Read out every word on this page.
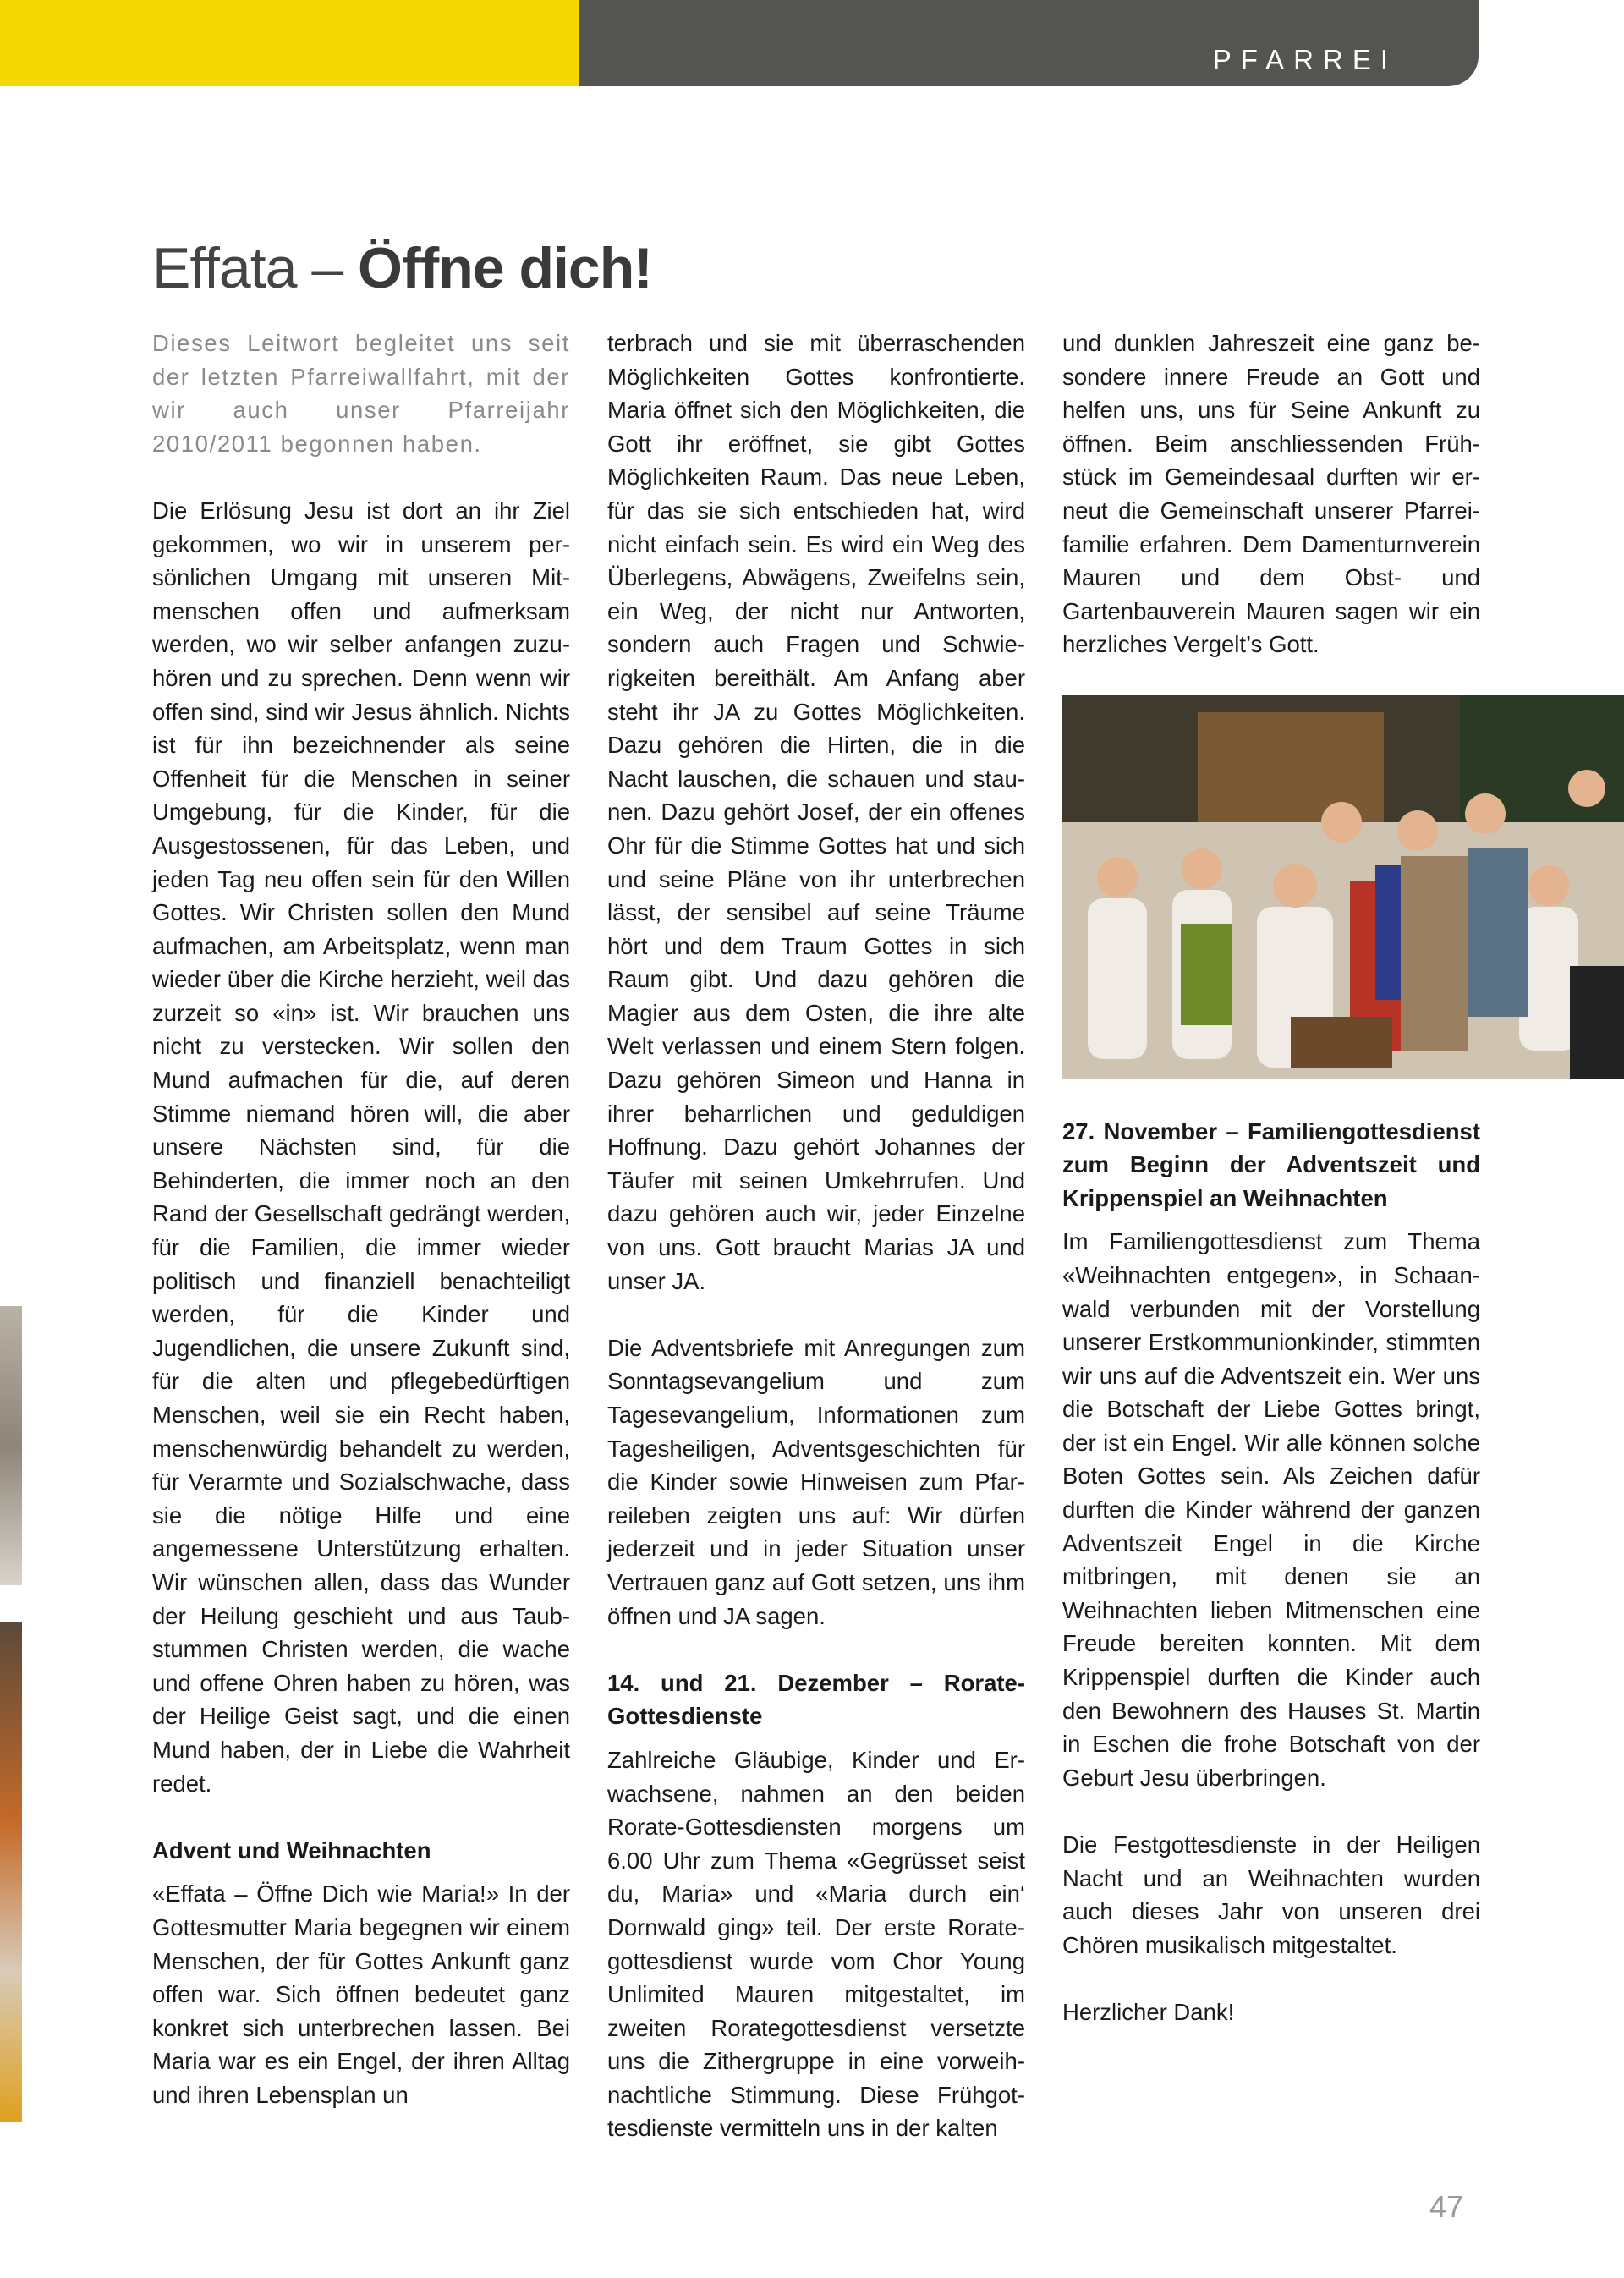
PFARREI
Effata – Öffne dich!

Dieses Leitwort begleitet uns seit der letzten Pfarreiwallfahrt, mit der wir auch unser Pfarreijahr 2010/2011 begonnen haben.

Die Erlösung Jesu ist dort an ihr Ziel gekommen, wo wir in unserem persönlichen Umgang mit unseren Mitmenschen offen und aufmerksam werden, wo wir selber anfangen zuzuhören und zu sprechen. Denn wenn wir offen sind, sind wir Jesus ähnlich. Nichts ist für ihn bezeichnender als seine Offenheit für die Menschen in seiner Umgebung, für die Kinder, für die Ausgestossenen, für das Leben, und jeden Tag neu offen sein für den Willen Gottes. Wir Christen sollen den Mund aufmachen, am Arbeitsplatz, wenn man wieder über die Kirche herzieht, weil das zurzeit so «in» ist. Wir brauchen uns nicht zu verstecken. Wir sollen den Mund aufmachen für die, auf deren Stimme niemand hören will, die aber unsere Nächsten sind, für die Behinderten, die immer noch an den Rand der Gesellschaft gedrängt werden, für die Familien, die immer wieder politisch und finanziell benachteiligt werden, für die Kinder und Jugendlichen, die unsere Zukunft sind, für die alten und pflegebedürftigen Menschen, weil sie ein Recht haben, menschenwürdig behandelt zu werden, für Verarmte und Sozialschwache, dass sie die nötige Hilfe und eine angemessene Unterstützung erhalten. Wir wünschen allen, dass das Wunder der Heilung geschieht und aus Taubstummen Christen werden, die wache und offene Ohren haben zu hören, was der Heilige Geist sagt, und die einen Mund haben, der in Liebe die Wahrheit redet.

Advent und Weihnachten

«Effata – Öffne Dich wie Maria!» In der Gottesmutter Maria begegnen wir einem Menschen, der für Gottes Ankunft ganz offen war. Sich öffnen bedeutet ganz konkret sich unterbrechen lassen. Bei Maria war es ein Engel, der ihren Alltag und ihren Lebensplan un

terbrach und sie mit überraschenden Möglichkeiten Gottes konfrontierte. Maria öffnet sich den Möglichkeiten, die Gott ihr eröffnet, sie gibt Gottes Möglichkeiten Raum. Das neue Leben, für das sie sich entschieden hat, wird nicht einfach sein. Es wird ein Weg des Überlegens, Abwägens, Zweifelns sein, ein Weg, der nicht nur Antworten, sondern auch Fragen und Schwierigkeiten bereithält. Am Anfang aber steht ihr JA zu Gottes Möglichkeiten. Dazu gehören die Hirten, die in die Nacht lauschen, die schauen und staunen. Dazu gehört Josef, der ein offenes Ohr für die Stimme Gottes hat und sich und seine Pläne von ihr unterbrechen lässt, der sensibel auf seine Träume hört und dem Traum Gottes in sich Raum gibt. Und dazu gehören die Magier aus dem Osten, die ihre alte Welt verlassen und einem Stern folgen. Dazu gehören Simeon und Hanna in ihrer beharrlichen und geduldigen Hoffnung. Dazu gehört Johannes der Täufer mit seinen Umkehrrufen. Und dazu gehören auch wir, jeder Einzelne von uns. Gott braucht Marias JA und unser JA.

Die Adventsbriefe mit Anregungen zum Sonntagsevangelium und zum Tagesevangelium, Informationen zum Tagesheiligen, Adventsgeschichten für die Kinder sowie Hinweisen zum Pfarreileben zeigten uns auf: Wir dürfen jederzeit und in jeder Situation unser Vertrauen ganz auf Gott setzen, uns ihm öffnen und JA sagen.

14. und 21. Dezember – Rorate-Gottesdienste

Zahlreiche Gläubige, Kinder und Erwachsene, nahmen an den beiden Rorate-Gottesdiensten morgens um 6.00 Uhr zum Thema «Gegrüsset seist du, Maria» und «Maria durch ein‘ Dornwald ging» teil. Der erste Rorategottesdienst wurde vom Chor Young Unlimited Mauren mitgestaltet, im zweiten Rorategottesdienst versetzte uns die Zithergruppe in eine vorweihnachtliche Stimmung. Diese Frühgottesdienste vermitteln uns in der kalten

und dunklen Jahreszeit eine ganz besondere innere Freude an Gott und helfen uns, uns für Seine Ankunft zu öffnen. Beim anschliessenden Frühstück im Gemeindesaal durften wir erneut die Gemeinschaft unserer Pfarreifamilie erfahren. Dem Damenturnverein Mauren und dem Obst- und Gartenbauverein Mauren sagen wir ein herzliches Vergelt’s Gott.

27. November – Familiengottesdienst zum Beginn der Adventszeit und Krippenspiel an Weihnachten

Im Familiengottesdienst zum Thema «Weihnachten entgegen», in Schaanwald verbunden mit der Vorstellung unserer Erstkommunionkinder, stimmten wir uns auf die Adventszeit ein. Wer uns die Botschaft der Liebe Gottes bringt, der ist ein Engel. Wir alle können solche Boten Gottes sein. Als Zeichen dafür durften die Kinder während der ganzen Adventszeit Engel in die Kirche mitbringen, mit denen sie an Weihnachten lieben Mitmenschen eine Freude bereiten konnten. Mit dem Krippenspiel durften die Kinder auch den Bewohnern des Hauses St. Martin in Eschen die frohe Botschaft von der Geburt Jesu überbringen.

Die Festgottesdienste in der Heiligen Nacht und an Weihnachten wurden auch dieses Jahr von unseren drei Chören musikalisch mitgestaltet.

Herzlicher Dank!

47
